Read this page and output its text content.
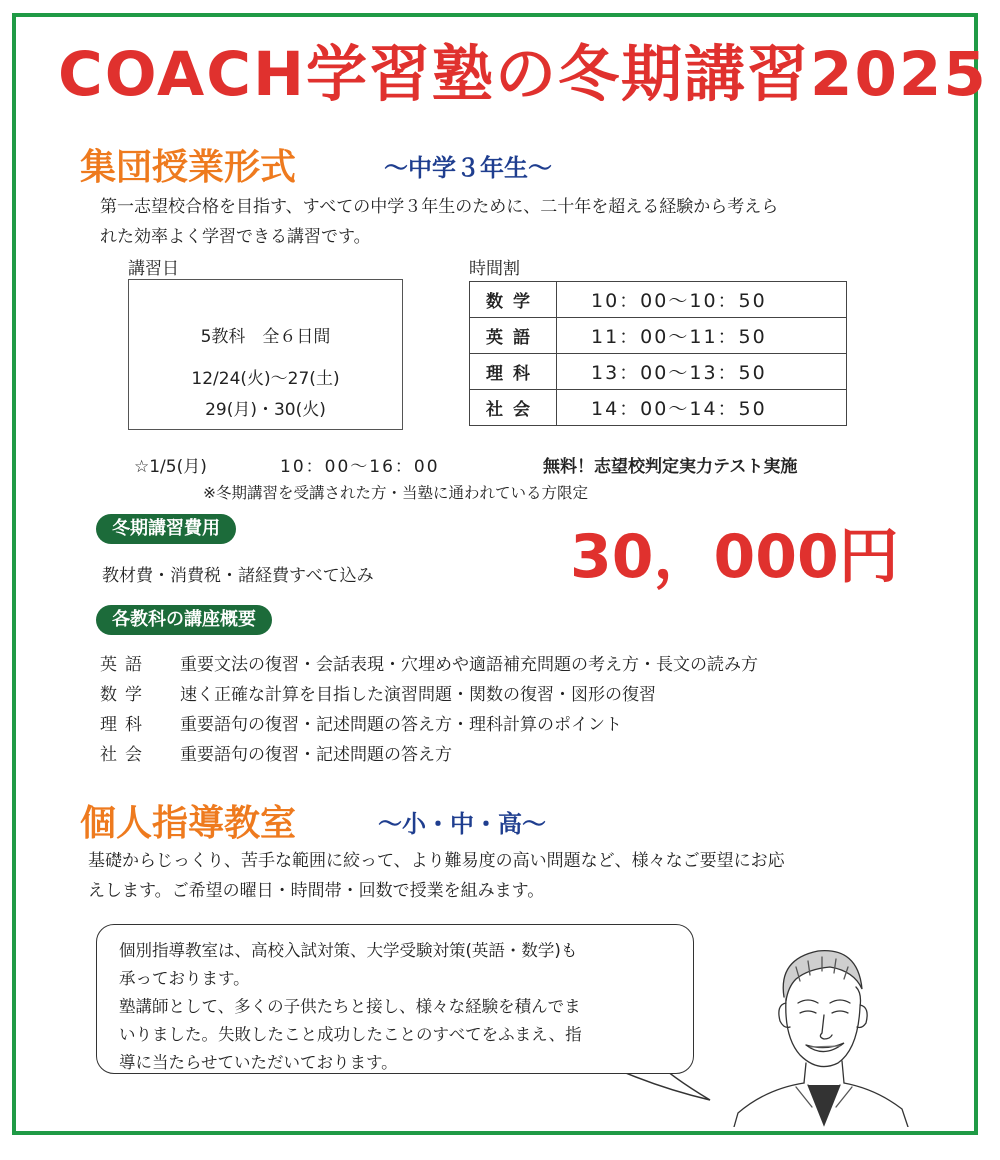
COACH学習塾の冬期講習2025
集団授業形式	～中学３年生～

第一志望校合格を目指す、すべての中学３年生のために、二十年を超える経験から考えら

れた効率よく学習できる講習です。

講習日	時間割
5教科　全６日間
12/24(火)～27(土)
29(月)・30(火)
数学	10：00～10：50
英語	11：00～11：50
理科	13：00～13：50
社会	14：00～14：50
☆1/5(月)	10：00～16：00	無料！志望校判定実力テスト実施
※冬期講習を受講された方・当塾に通われている方限定
冬期講習費用
教材費・消費税・諸経費すべて込み	30，000円
各教科の講座概要
英語 重要文法の復習・会話表現・穴埋めや適語補充問題の考え方・長文の読み方
数学 速く正確な計算を目指した演習問題・関数の復習・図形の復習
理科 重要語句の復習・記述問題の答え方・理科計算のポイント
社会 重要語句の復習・記述問題の答え方
個人指導教室	～小・中・高～

基礎からじっくり、苦手な範囲に絞って、より難易度の高い問題など、様々なご要望にお応

えします。ご希望の曜日・時間帯・回数で授業を組みます。

個別指導教室は、高校入試対策、大学受験対策(英語・数学)も

承っております。

塾講師として、多くの子供たちと接し、様々な経験を積んでま

いりました。失敗したこと成功したことのすべてをふまえ、指

導に当たらせていただいております。
